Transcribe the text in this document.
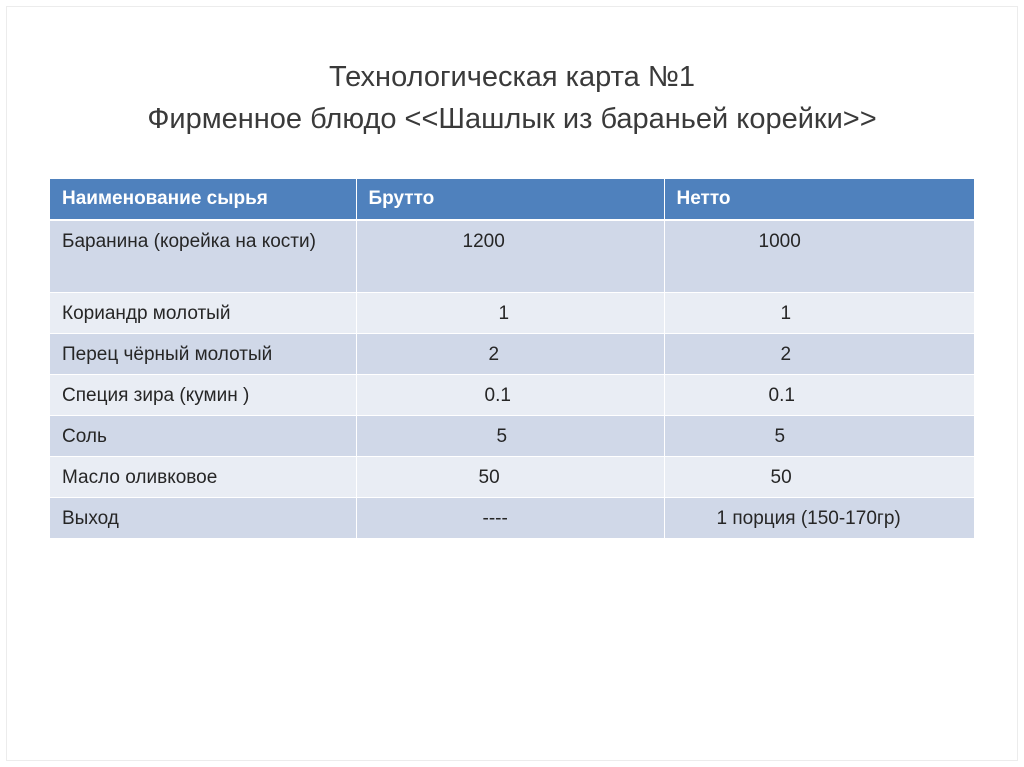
Технологическая карта №1
Фирменное блюдо <<Шашлык из бараньей корейки>>
Наименование сырья	Брутто	Нетто
Баранина (корейка на кости)	1200	1000
Кориандр молотый	1	1
Перец чёрный молотый	2	2
Специя зира (кумин )	0.1	0.1
Соль	5	5
Масло оливковое	50	50
Выход	----	1 порция (150-170гр)
